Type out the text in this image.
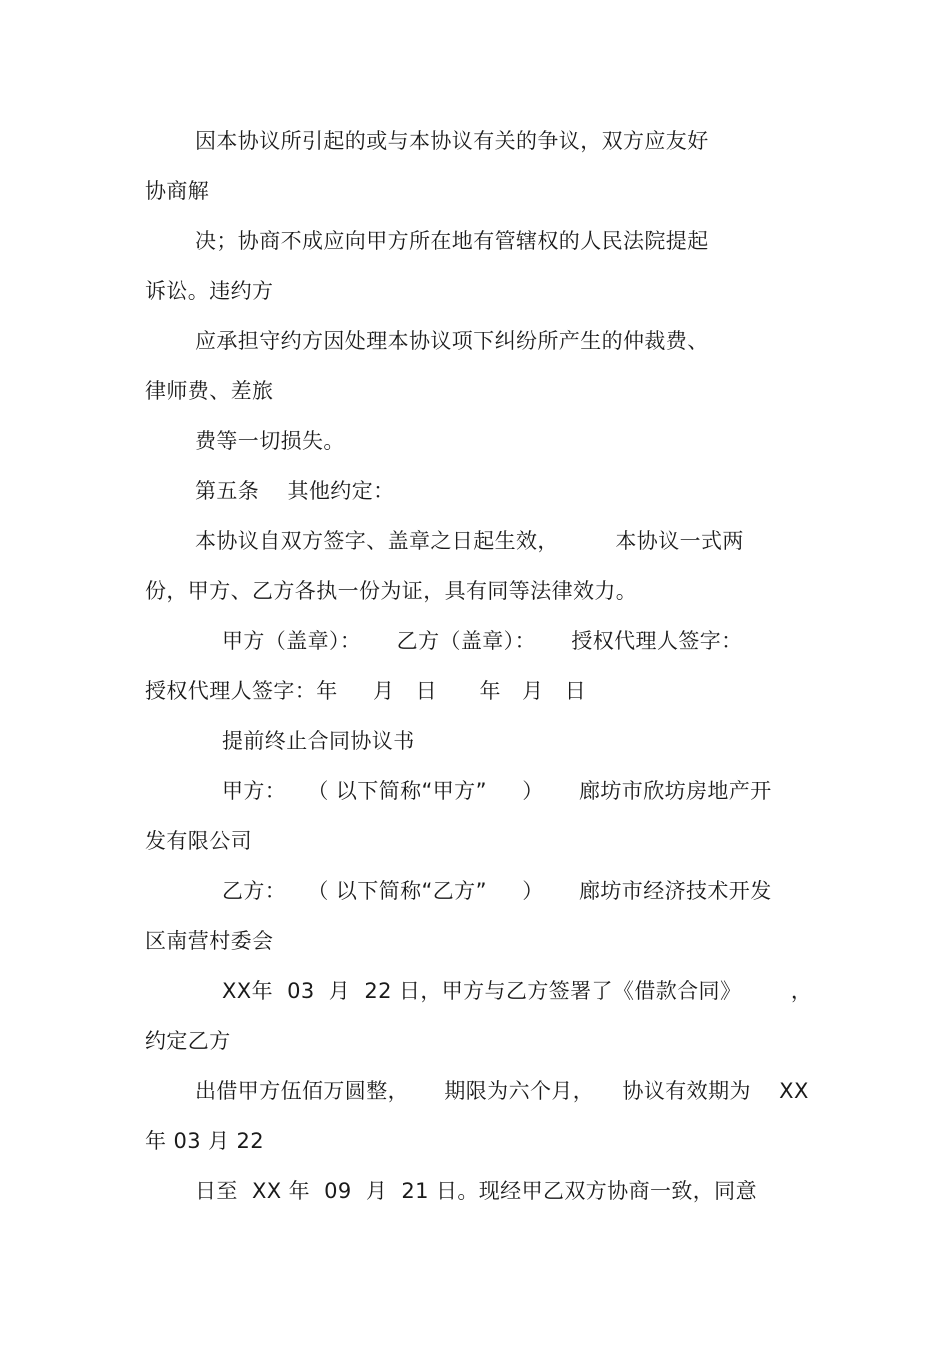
因本协议所引起的或与本协议有关的争议，双方应友好
协商解
决；协商不成应向甲方所在地有管辖权的人民法院提起
诉讼。违约方
应承担守约方因处理本协议项下纠纷所产生的仲裁费、
律师费、差旅
费等一切损失。
第五条    其他约定：
本协议自双方签字、盖章之日起生效，        本协议一式两
份，甲方、乙方各执一份为证，具有同等法律效力。
甲方（盖章）：     乙方（盖章）：     授权代理人签字：
授权代理人签字：年     月   日      年   月   日
提前终止合同协议书
甲方：   （ 以下简称“甲方”     ）     廊坊市欣坊房地产开
发有限公司
乙方：   （ 以下简称“乙方”     ）     廊坊市经济技术开发
区南营村委会
XX年  03  月  22 日，甲方与乙方签署了《借款合同》       ，
约定乙方
出借甲方伍佰万圆整，     期限为六个月，    协议有效期为    XX
年 03 月 22
日至  XX 年  09  月  21 日。现经甲乙双方协商一致，同意
